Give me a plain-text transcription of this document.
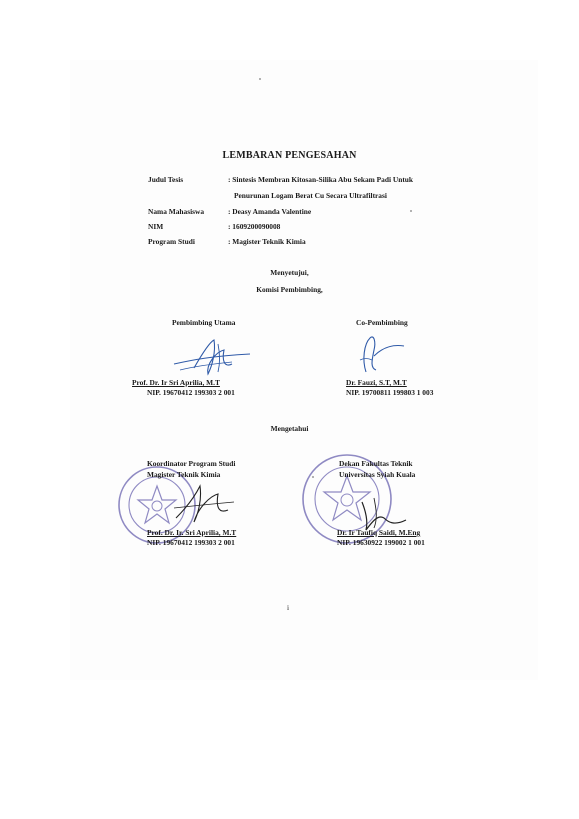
LEMBARAN PENGESAHAN
Judul Tesis	: Sintesis Membran Kitosan-Silika Abu Sekam Padi Untuk
Penurunan Logam Berat Cu Secara Ultrafiltrasi
Nama Mahasiswa	: Deasy Amanda Valentine
NIM	: 1609200090008
Program Studi	: Magister Teknik Kimia
Menyetujui,
Komisi Pembimbing,
Pembimbing Utama	Co-Pembimbing
Prof. Dr. Ir Sri Aprilia, M.T
NIP. 19670412 199303 2 001
Dr. Fauzi, S.T, M.T
NIP. 19700811 199803 1 003
Mengetahui
Koordinator Program Studi
Magister Teknik Kimia
Dekan Fakultas Teknik
Universitas Syiah Kuala
Prof. Dr. Ir. Sri Aprilia, M.T
NIP. 19670412 199303 2 001
Dr. Ir Taufiq Saidi, M.Eng
NIP. 19630922 199002 1 001
i
